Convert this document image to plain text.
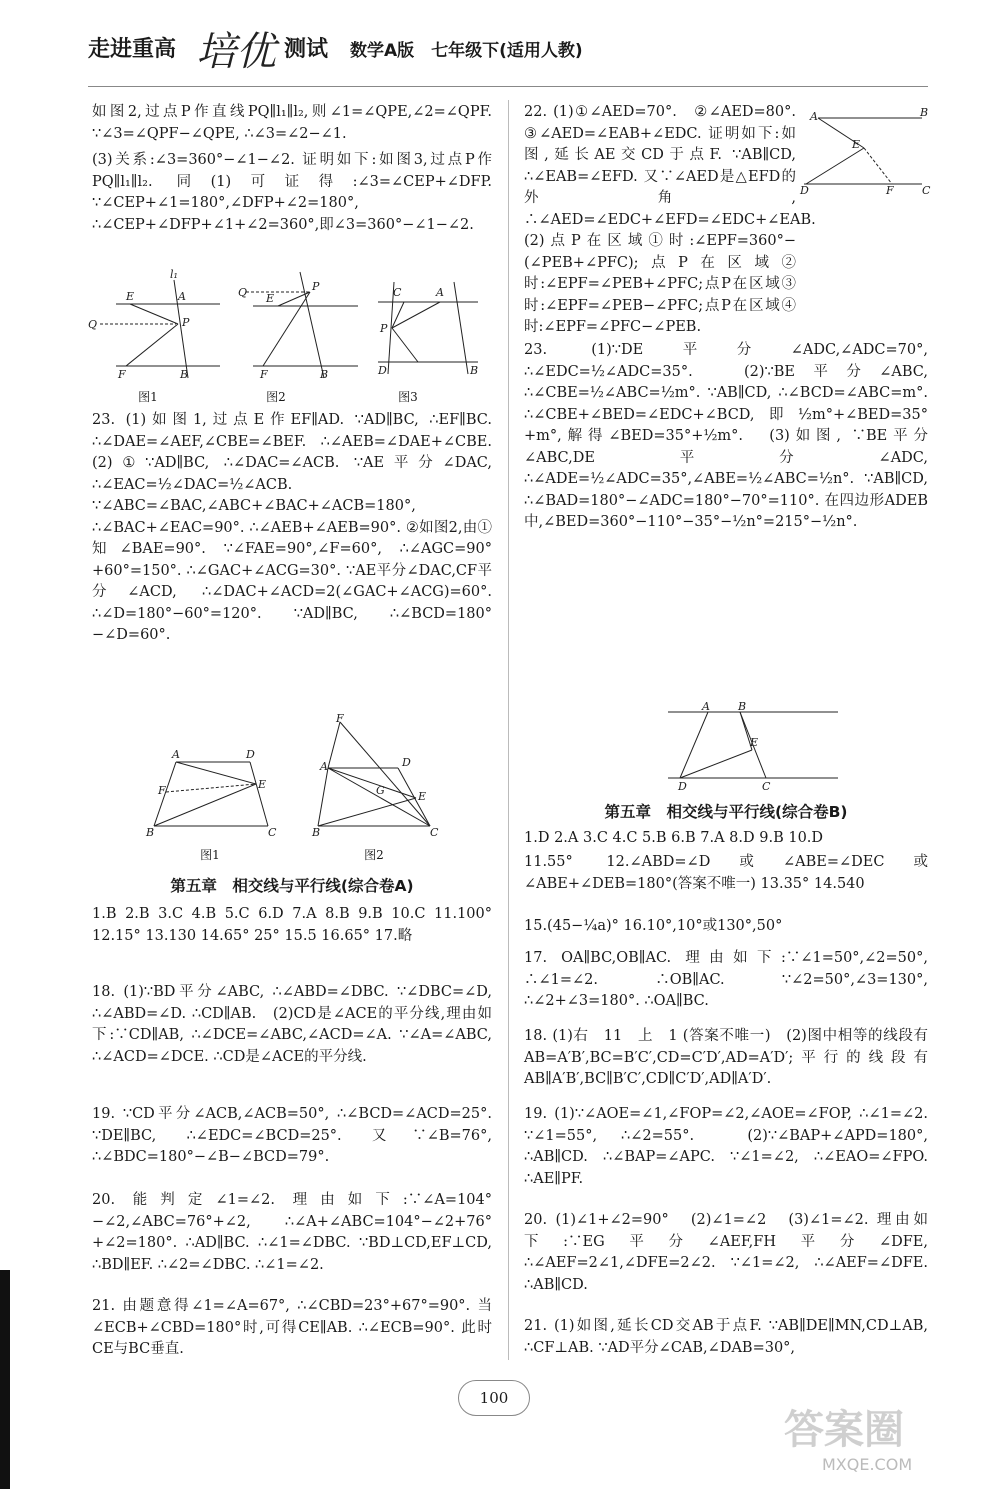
走进重高 培优 测试 数学A版　七年级下(适用人教)
如图2,过点P作直线PQ∥l₁∥l₂,则∠1=∠QPE,∠2=∠QPF. ∵∠3=∠QPF−∠QPE, ∴∠3=∠2−∠1.
(3)关系:∠3=360°−∠1−∠2. 证明如下:如图3,过点P作PQ∥l₁∥l₂. 同(1)可证得:∠3=∠CEP+∠DFP. ∵∠CEP+∠1=180°,∠DFP+∠2=180°, ∴∠CEP+∠DFP+∠1+∠2=360°,即∠3=360°−∠1−∠2.
E	A
Q	P
F	B
l₁
Q E
P
F	B
C	A
P
D	B
图1	图2	图3
23. (1)如图1,过点E作EF∥AD. ∵AD∥BC, ∴EF∥BC. ∴∠DAE=∠AEF,∠CBE=∠BEF. ∴∠AEB=∠DAE+∠CBE.　(2)①∵AD∥BC, ∴∠DAC=∠ACB. ∵AE平分∠DAC, ∴∠EAC=½∠DAC=½∠ACB. ∵∠ABC=∠BAC,∠ABC+∠BAC+∠ACB=180°, ∴∠BAC+∠EAC=90°. ∴∠AEB+∠AEB=90°. ②如图2,由①知∠BAE=90°. ∵∠FAE=90°,∠F=60°, ∴∠AGC=90°+60°=150°. ∴∠GAC+∠ACG=30°. ∵AE平分∠DAC,CF平分∠ACD, ∴∠DAC+∠ACD=2(∠GAC+∠ACG)=60°. ∴∠D=180°−60°=120°. ∵AD∥BC, ∴∠BCD=180°−∠D=60°.
A	D
F	E
B	C
F
A	D
G	E
B	C
图1	图2
第五章　相交线与平行线(综合卷A)
1.B 2.B 3.C 4.B 5.C 6.D 7.A 8.B 9.B 10.C 11.100° 12.15° 13.130 14.65° 25° 15.5 16.65° 17.略
18. (1)∵BD平分∠ABC, ∴∠ABD=∠DBC. ∵∠DBC=∠D, ∴∠ABD=∠D. ∴CD∥AB.　(2)CD是∠ACE的平分线,理由如下:∵CD∥AB, ∴∠DCE=∠ABC,∠ACD=∠A. ∵∠A=∠ABC, ∴∠ACD=∠DCE. ∴CD是∠ACE的平分线.
19. ∵CD平分∠ACB,∠ACB=50°, ∴∠BCD=∠ACD=25°. ∵DE∥BC, ∴∠EDC=∠BCD=25°. 又∵∠B=76°, ∴∠BDC=180°−∠B−∠BCD=79°.
20. 能判定∠1=∠2. 理由如下:∵∠A=104°−∠2,∠ABC=76°+∠2, ∴∠A+∠ABC=104°−∠2+76°+∠2=180°. ∴AD∥BC. ∴∠1=∠DBC. ∵BD⊥CD,EF⊥CD, ∴BD∥EF. ∴∠2=∠DBC. ∴∠1=∠2.
21. 由题意得∠1=∠A=67°, ∴∠CBD=23°+67°=90°. 当∠ECB+∠CBD=180°时,可得CE∥AB. ∴∠ECB=90°. 此时CE与BC垂直.
A	B
E
D	F	C
22. (1)①∠AED=70°.　②∠AED=80°.　③∠AED=∠EAB+∠EDC. 证明如下:如图,延长AE交CD于点F. ∵AB∥CD, ∴∠EAB=∠EFD. 又∵∠AED是△EFD的外角, ∴∠AED=∠EDC+∠EFD=∠EDC+∠EAB. (2)点P在区域①时:∠EPF=360°−(∠PEB+∠PFC);点P在区域②时:∠EPF=∠PEB+∠PFC;点P在区域③时:∠EPF=∠PEB−∠PFC;点P在区域④时:∠EPF=∠PFC−∠PEB.
23. (1)∵DE平分∠ADC,∠ADC=70°, ∴∠EDC=½∠ADC=35°.　(2)∵BE平分∠ABC, ∴∠CBE=½∠ABC=½m°. ∵AB∥CD, ∴∠BCD=∠ABC=m°. ∴∠CBE+∠BED=∠EDC+∠BCD,即½m°+∠BED=35°+m°,解得∠BED=35°+½m°.　(3)如图, ∵BE平分∠ABC,DE平分∠ADC, ∴∠ADE=½∠ADC=35°,∠ABE=½∠ABC=½n°. ∵AB∥CD, ∴∠BAD=180°−∠ADC=180°−70°=110°. 在四边形ADEB中,∠BED=360°−110°−35°−½n°=215°−½n°.
A	B
E
D	C
第五章　相交线与平行线(综合卷B)
1.D 2.A 3.C 4.C 5.B 6.B 7.A 8.D 9.B 10.D
11.55° 12.∠ABD=∠D或∠ABE=∠DEC或∠ABE+∠DEB=180°(答案不唯一) 13.35° 14.540
15.(45−¼a)° 16.10°,10°或130°,50°
17. OA∥BC,OB∥AC. 理由如下:∵∠1=50°,∠2=50°, ∴∠1=∠2. ∴OB∥AC. ∵∠2=50°,∠3=130°, ∴∠2+∠3=180°. ∴OA∥BC.
18. (1)右　11　上　1 (答案不唯一)　(2)图中相等的线段有AB=A′B′,BC=B′C′,CD=C′D′,AD=A′D′;平行的线段有AB∥A′B′,BC∥B′C′,CD∥C′D′,AD∥A′D′.
19. (1)∵∠AOE=∠1,∠FOP=∠2,∠AOE=∠FOP, ∴∠1=∠2. ∵∠1=55°, ∴∠2=55°.　(2)∵∠BAP+∠APD=180°, ∴AB∥CD. ∴∠BAP=∠APC. ∵∠1=∠2, ∴∠EAO=∠FPO. ∴AE∥PF.
20. (1)∠1+∠2=90°　(2)∠1=∠2　(3)∠1=∠2. 理由如下:∵EG平分∠AEF,FH平分∠DFE, ∴∠AEF=2∠1,∠DFE=2∠2. ∵∠1=∠2, ∴∠AEF=∠DFE. ∴AB∥CD.
21. (1)如图,延长CD交AB于点F. ∵AB∥DE∥MN,CD⊥AB, ∴CF⊥AB. ∵AD平分∠CAB,∠DAB=30°,
100
答案圈
MXQE.COM
